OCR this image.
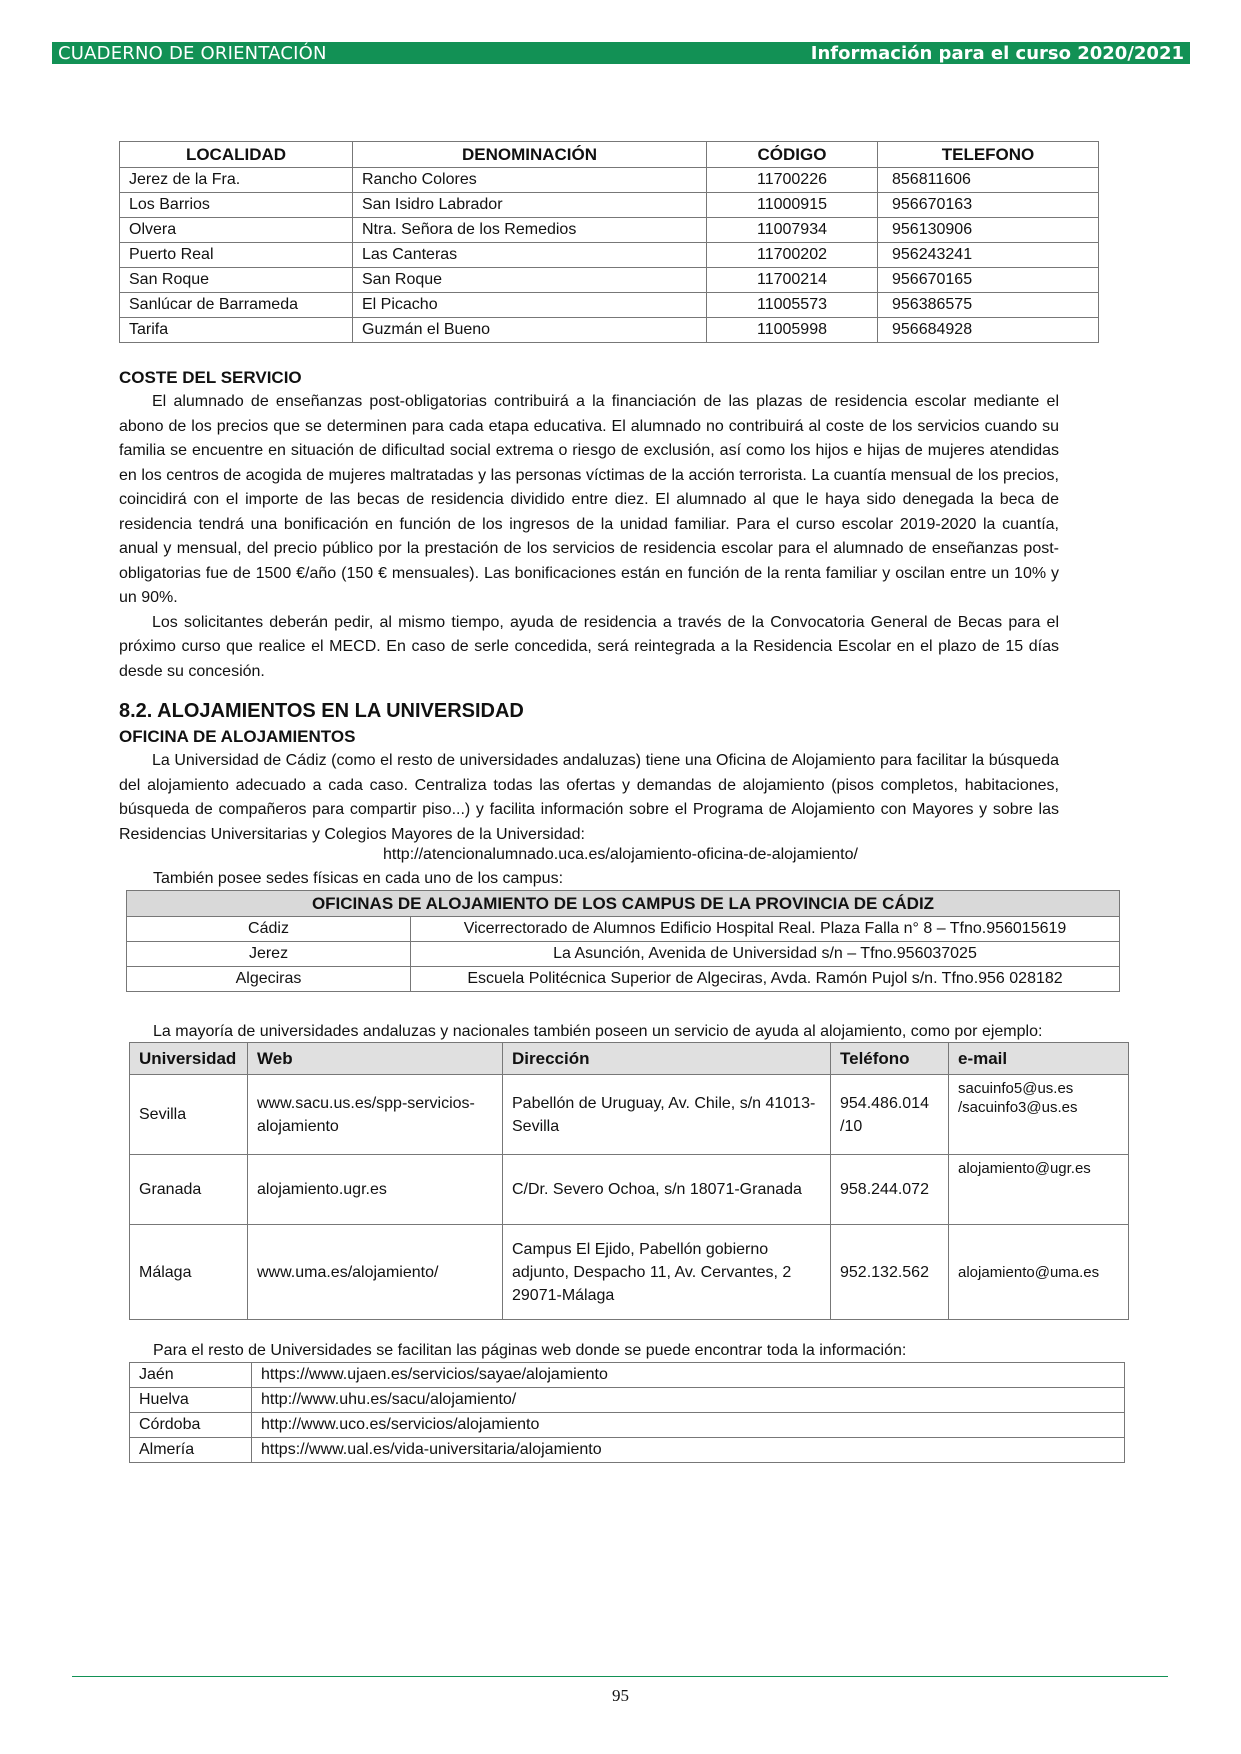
CUADERNO DE ORIENTACIÓN	Información para el curso 2020/2021
LOCALIDAD	DENOMINACIÓN	CÓDIGO	TELEFONO
Jerez de la Fra.	Rancho Colores	11700226	856811606
Los Barrios	San Isidro Labrador	11000915	956670163
Olvera	Ntra. Señora de los Remedios	11007934	956130906
Puerto Real	Las Canteras	11700202	956243241
San Roque	San Roque	11700214	956670165
Sanlúcar de Barrameda	El Picacho	11005573	956386575
Tarifa	Guzmán el Bueno	11005998	956684928
COSTE DEL SERVICIO

El alumnado de enseñanzas post-obligatorias contribuirá a la financiación de las plazas de residencia escolar mediante el abono de los precios que se determinen para cada etapa educativa. El alumnado no contribuirá al coste de los servicios cuando su familia se encuentre en situación de dificultad social extrema o riesgo de exclusión, así como los hijos e hijas de mujeres atendidas en los centros de acogida de mujeres maltratadas y las personas víctimas de la acción terrorista. La cuantía mensual de los precios, coincidirá con el importe de las becas de residencia dividido entre diez. El alumnado al que le haya sido denegada la beca de residencia tendrá una bonificación en función de los ingresos de la unidad familiar. Para el curso escolar 2019-2020 la cuantía, anual y mensual, del precio público por la prestación de los servicios de residencia escolar para el alumnado de enseñanzas post-obligatorias fue de 1500 €/año (150 € mensuales). Las bonificaciones están en función de la renta familiar y oscilan entre un 10% y un 90%.

Los solicitantes deberán pedir, al mismo tiempo, ayuda de residencia a través de la Convocatoria General de Becas para el próximo curso que realice el MECD. En caso de serle concedida, será reintegrada a la Residencia Escolar en el plazo de 15 días desde su concesión.

8.2. ALOJAMIENTOS EN LA UNIVERSIDAD
OFICINA DE ALOJAMIENTOS

La Universidad de Cádiz (como el resto de universidades andaluzas) tiene una Oficina de Alojamiento para facilitar la búsqueda del alojamiento adecuado a cada caso. Centraliza todas las ofertas y demandas de alojamiento (pisos completos, habitaciones, búsqueda de compañeros para compartir piso...) y facilita información sobre el Programa de Alojamiento con Mayores y sobre las Residencias Universitarias y Colegios Mayores de la Universidad:

http://atencionalumnado.uca.es/alojamiento-oficina-de-alojamiento/
También posee sedes físicas en cada uno de los campus:
OFICINAS DE ALOJAMIENTO DE LOS CAMPUS DE LA PROVINCIA DE CÁDIZ	
Cádiz	Vicerrectorado de Alumnos Edificio Hospital Real. Plaza Falla n° 8 – Tfno.956015619
Jerez	La Asunción, Avenida de Universidad s/n – Tfno.956037025
Algeciras	Escuela Politécnica Superior de Algeciras, Avda. Ramón Pujol s/n. Tfno.956 028182
La mayoría de universidades andaluzas y nacionales también poseen un servicio de ayuda al alojamiento, como por ejemplo:
Universidad	Web	Dirección	Teléfono	e-mail
Sevilla	www.sacu.us.es/spp-servicios-alojamiento	Pabellón de Uruguay, Av. Chile, s/n 41013-Sevilla	954.486.014 /10	sacuinfo5@us.es /sacuinfo3@us.es
Granada	alojamiento.ugr.es	C/Dr. Severo Ochoa, s/n 18071-Granada	958.244.072	alojamiento@ugr.es
Málaga	www.uma.es/alojamiento/	Campus El Ejido, Pabellón gobierno adjunto, Despacho 11, Av. Cervantes, 2 29071-Málaga	952.132.562	alojamiento@uma.es
Para el resto de Universidades se facilitan las páginas web donde se puede encontrar toda la información:
Jaén	https://www.ujaen.es/servicios/sayae/alojamiento
Huelva	http://www.uhu.es/sacu/alojamiento/
Córdoba	http://www.uco.es/servicios/alojamiento
Almería	https://www.ual.es/vida-universitaria/alojamiento
95
